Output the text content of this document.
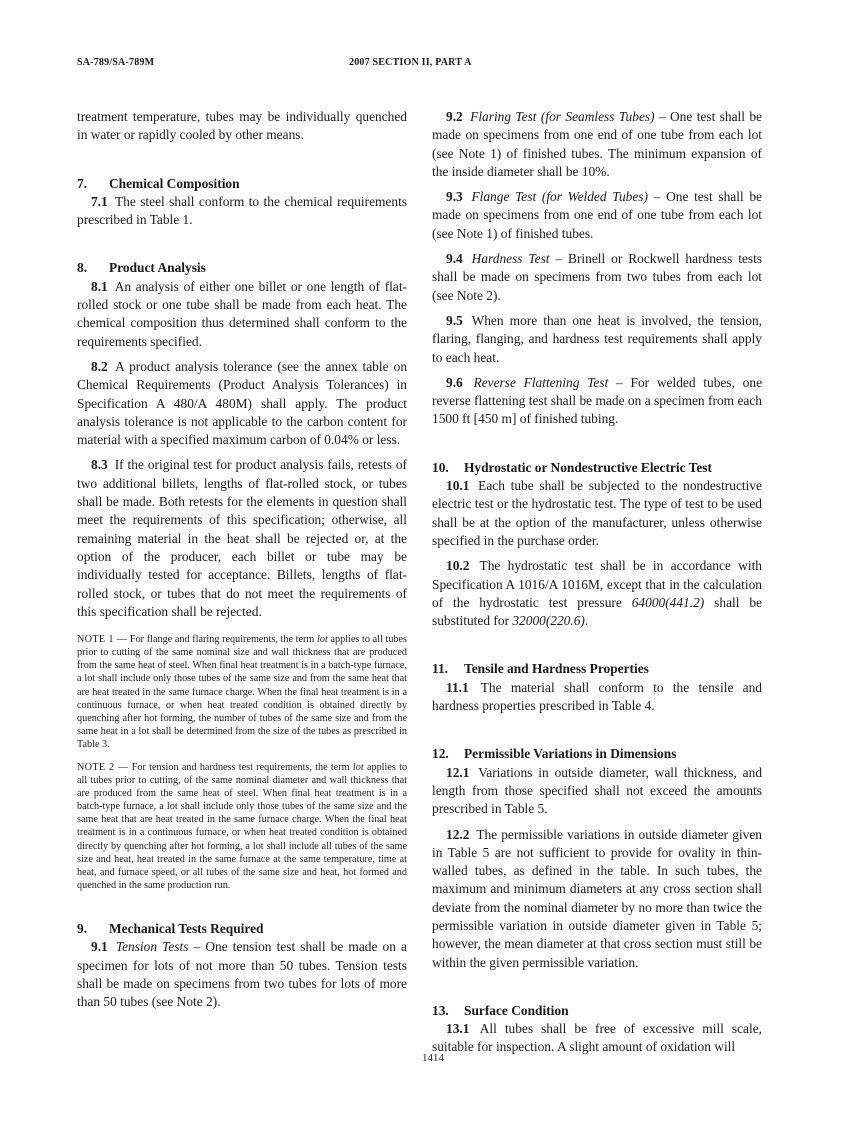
SA-789/SA-789M	2007 SECTION II, PART A

treatment temperature, tubes may be individually quenched in water or rapidly cooled by other means.

7. Chemical Composition

7.1 The steel shall conform to the chemical requirements prescribed in Table 1.

8. Product Analysis

8.1 An analysis of either one billet or one length of flat-rolled stock or one tube shall be made from each heat. The chemical composition thus determined shall conform to the requirements specified.

8.2 A product analysis tolerance (see the annex table on Chemical Requirements (Product Analysis Tolerances) in Specification A 480/A 480M) shall apply. The product analysis tolerance is not applicable to the carbon content for material with a specified maximum carbon of 0.04% or less.

8.3 If the original test for product analysis fails, retests of two additional billets, lengths of flat-rolled stock, or tubes shall be made. Both retests for the elements in question shall meet the requirements of this specification; otherwise, all remaining material in the heat shall be rejected or, at the option of the producer, each billet or tube may be individually tested for acceptance. Billets, lengths of flat-rolled stock, or tubes that do not meet the requirements of this specification shall be rejected.

NOTE 1 — For flange and flaring requirements, the term lot applies to all tubes prior to cutting of the same nominal size and wall thickness that are produced from the same heat of steel. When final heat treatment is in a batch-type furnace, a lot shall include only those tubes of the same size and from the same heat that are heat treated in the same furnace charge. When the final heat treatment is in a continuous furnace, or when heat treated condition is obtained directly by quenching after hot forming, the number of tubes of the same size and from the same heat in a lot shall be determined from the size of the tubes as prescribed in Table 3.

NOTE 2 — For tension and hardness test requirements, the term lot applies to all tubes prior to cutting, of the same nominal diameter and wall thickness that are produced from the same heat of steel. When final heat treatment is in a batch-type furnace, a lot shall include only those tubes of the same size and the same heat that are heat treated in the same furnace charge. When the final heat treatment is in a continuous furnace, or when heat treated condition is obtained directly by quenching after hot forming, a lot shall include all tubes of the same size and heat, heat treated in the same furnace at the same temperature, time at heat, and furnace speed, or all tubes of the same size and heat, hot formed and quenched in the same production run.

9. Mechanical Tests Required

9.1 Tension Tests – One tension test shall be made on a specimen for lots of not more than 50 tubes. Tension tests shall be made on specimens from two tubes for lots of more than 50 tubes (see Note 2).

9.2 Flaring Test (for Seamless Tubes) – One test shall be made on specimens from one end of one tube from each lot (see Note 1) of finished tubes. The minimum expansion of the inside diameter shall be 10%.

9.3 Flange Test (for Welded Tubes) – One test shall be made on specimens from one end of one tube from each lot (see Note 1) of finished tubes.

9.4 Hardness Test – Brinell or Rockwell hardness tests shall be made on specimens from two tubes from each lot (see Note 2).

9.5 When more than one heat is involved, the tension, flaring, flanging, and hardness test requirements shall apply to each heat.

9.6 Reverse Flattening Test – For welded tubes, one reverse flattening test shall be made on a specimen from each 1500 ft [450 m] of finished tubing.

10. Hydrostatic or Nondestructive Electric Test

10.1 Each tube shall be subjected to the nondestructive electric test or the hydrostatic test. The type of test to be used shall be at the option of the manufacturer, unless otherwise specified in the purchase order.

10.2 The hydrostatic test shall be in accordance with Specification A 1016/A 1016M, except that in the calculation of the hydrostatic test pressure 64000(441.2) shall be substituted for 32000(220.6).

11. Tensile and Hardness Properties

11.1 The material shall conform to the tensile and hardness properties prescribed in Table 4.

12. Permissible Variations in Dimensions

12.1 Variations in outside diameter, wall thickness, and length from those specified shall not exceed the amounts prescribed in Table 5.

12.2 The permissible variations in outside diameter given in Table 5 are not sufficient to provide for ovality in thin-walled tubes, as defined in the table. In such tubes, the maximum and minimum diameters at any cross section shall deviate from the nominal diameter by no more than twice the permissible variation in outside diameter given in Table 5; however, the mean diameter at that cross section must still be within the given permissible variation.

13. Surface Condition

13.1 All tubes shall be free of excessive mill scale, suitable for inspection. A slight amount of oxidation will

1414
